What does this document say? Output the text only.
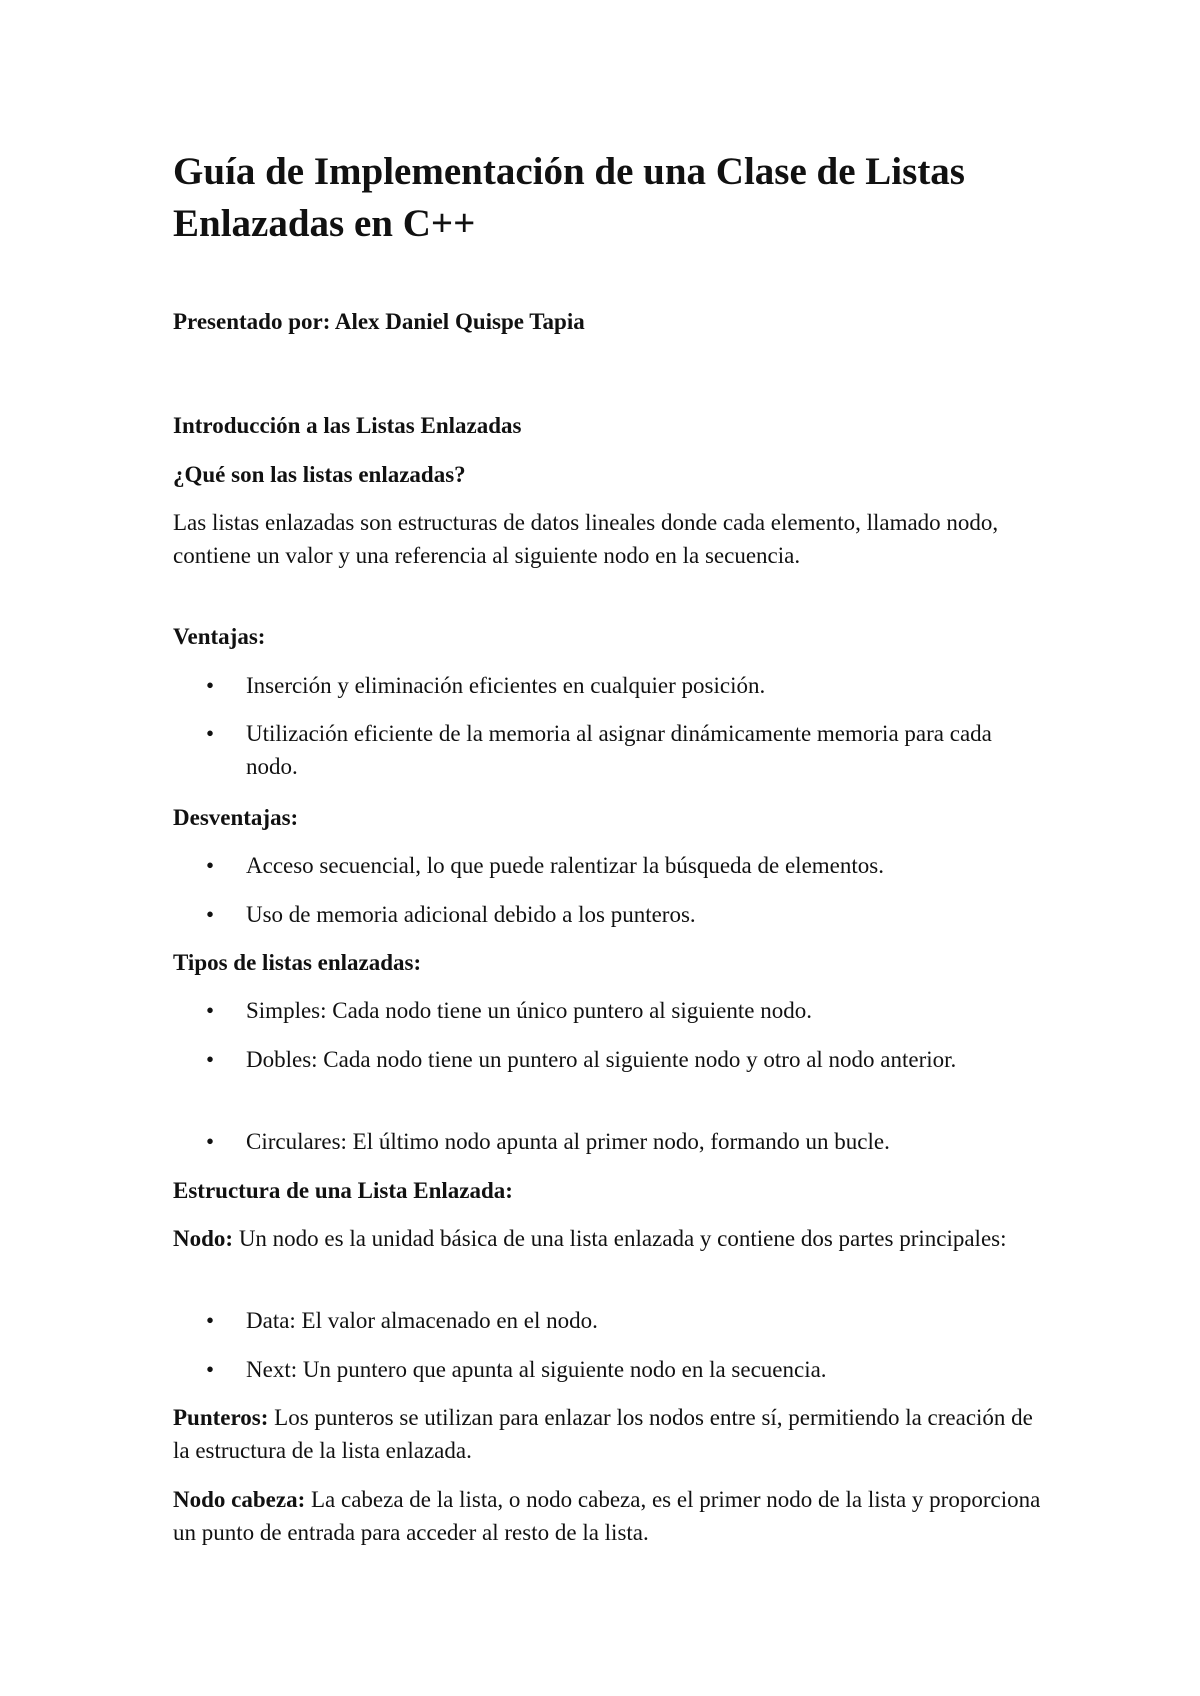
Guía de Implementación de una Clase de Listas Enlazadas en C++

Presentado por: Alex Daniel Quispe Tapia

Introducción a las Listas Enlazadas

¿Qué son las listas enlazadas?

Las listas enlazadas son estructuras de datos lineales donde cada elemento, llamado nodo, contiene un valor y una referencia al siguiente nodo en la secuencia.

Ventajas:

• Inserción y eliminación eficientes en cualquier posición.

• Utilización eficiente de la memoria al asignar dinámicamente memoria para cada nodo.

Desventajas:

• Acceso secuencial, lo que puede ralentizar la búsqueda de elementos.

• Uso de memoria adicional debido a los punteros.

Tipos de listas enlazadas:

• Simples: Cada nodo tiene un único puntero al siguiente nodo.

• Dobles: Cada nodo tiene un puntero al siguiente nodo y otro al nodo anterior.

• Circulares: El último nodo apunta al primer nodo, formando un bucle.

Estructura de una Lista Enlazada:

Nodo: Un nodo es la unidad básica de una lista enlazada y contiene dos partes principales:

• Data: El valor almacenado en el nodo.

• Next: Un puntero que apunta al siguiente nodo en la secuencia.

Punteros: Los punteros se utilizan para enlazar los nodos entre sí, permitiendo la creación de la estructura de la lista enlazada.

Nodo cabeza: La cabeza de la lista, o nodo cabeza, es el primer nodo de la lista y proporciona un punto de entrada para acceder al resto de la lista.
